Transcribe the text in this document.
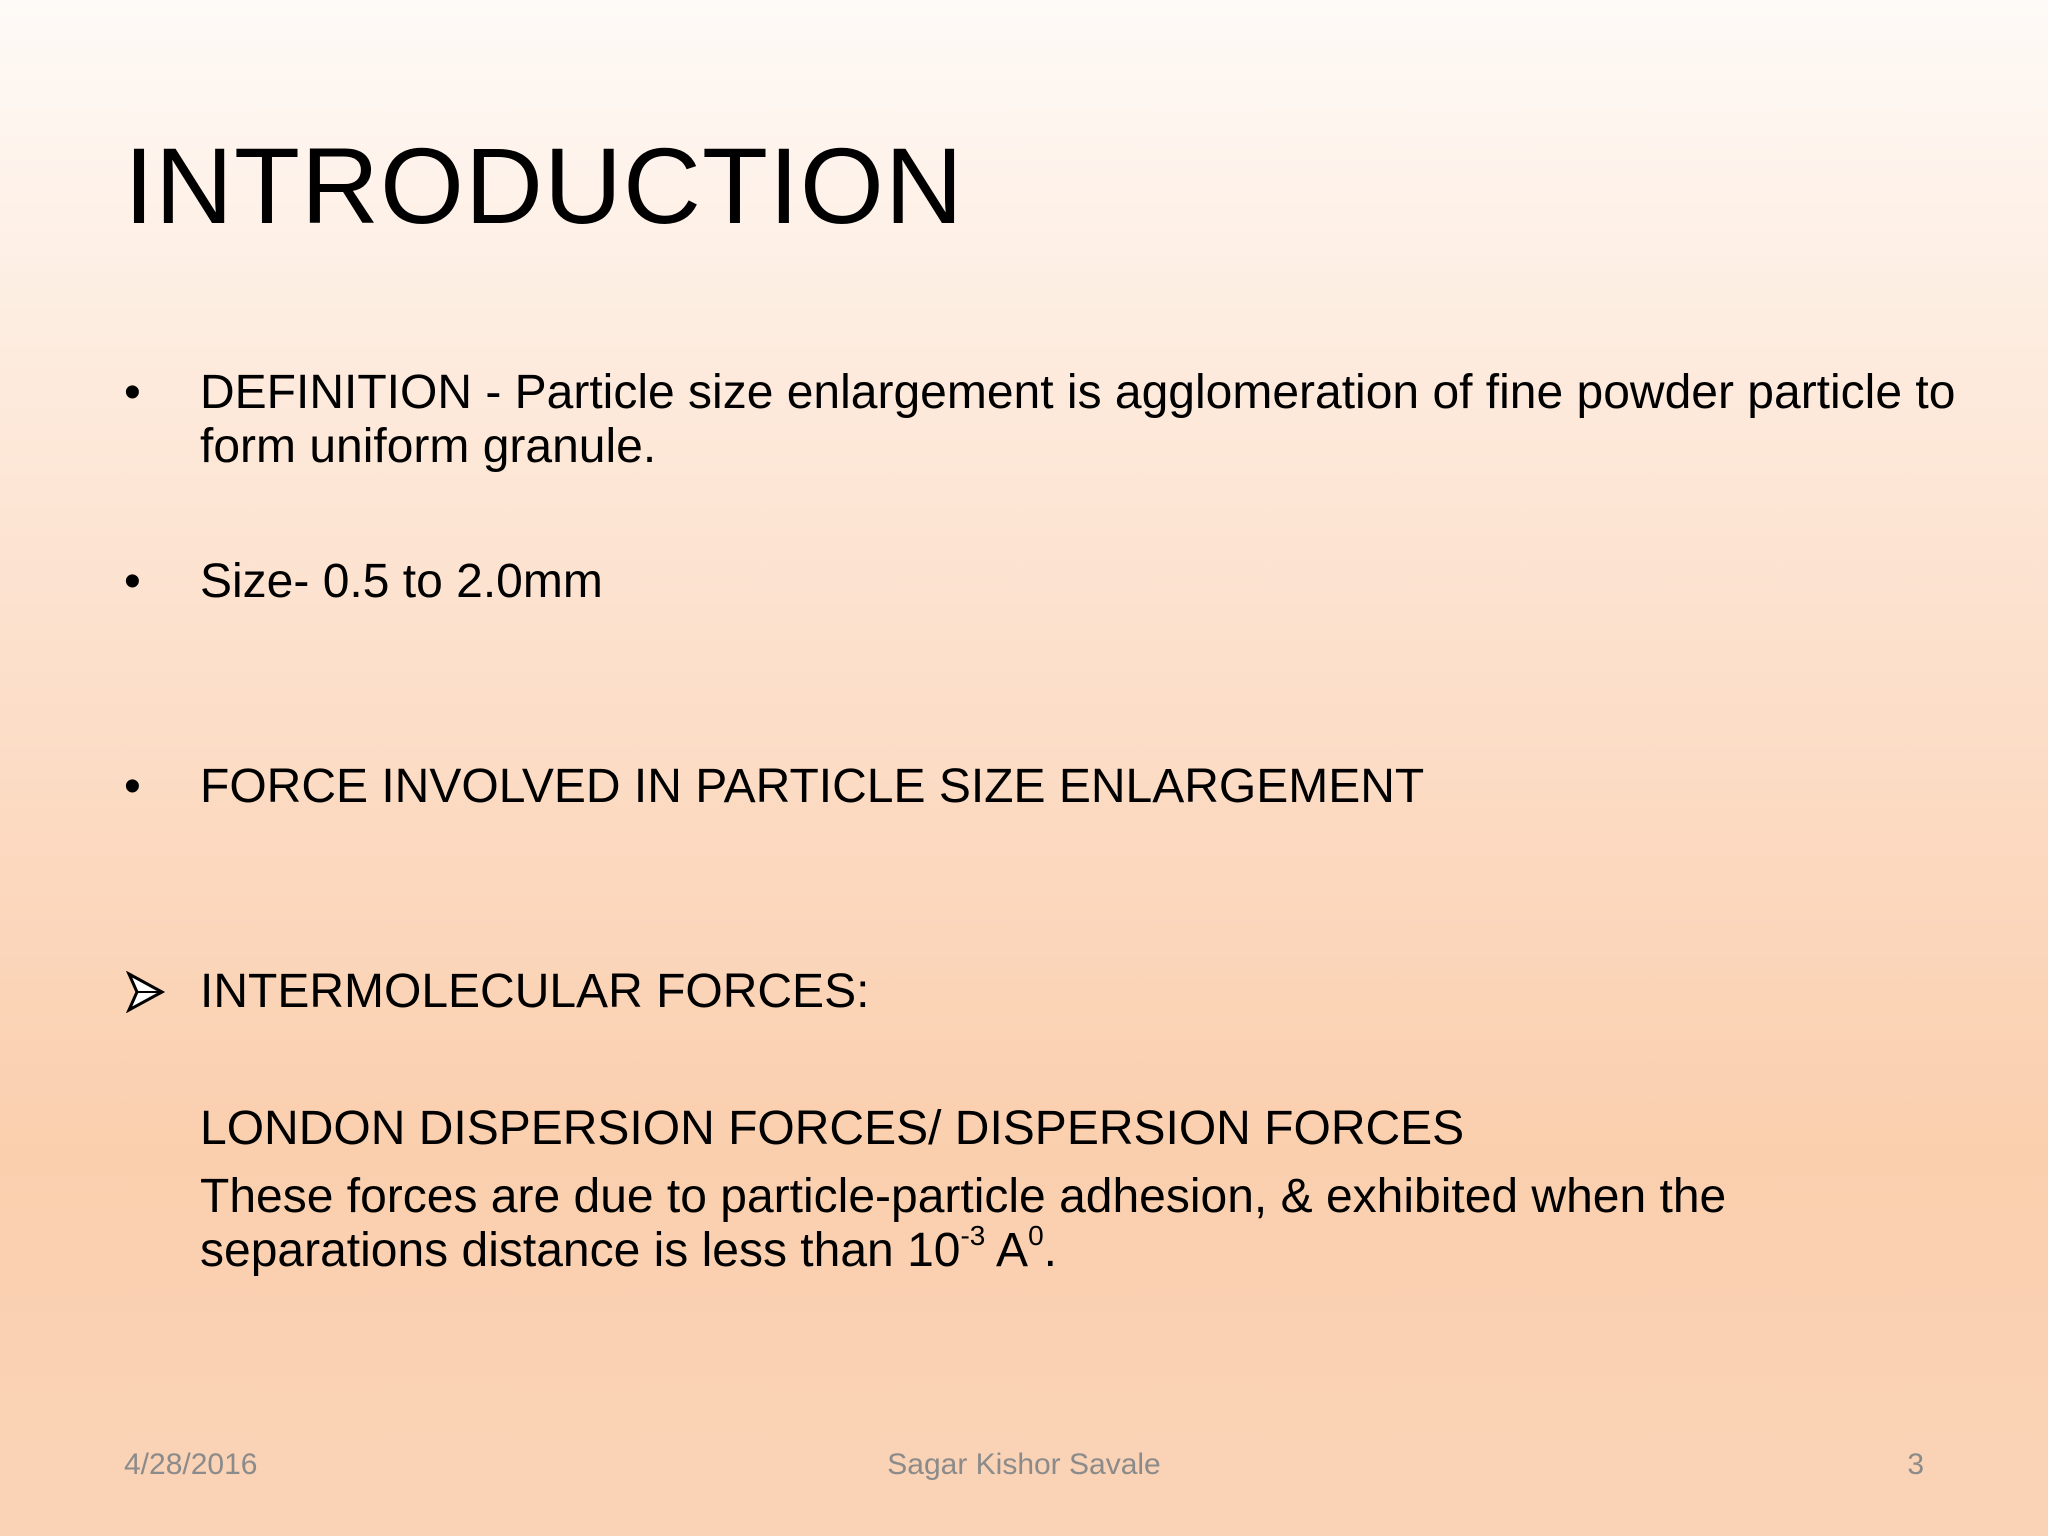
INTRODUCTION
•	DEFINITION - Particle size enlargement is agglomeration of fine powder particle to form uniform granule.
•	Size- 0.5 to 2.0mm
•	FORCE INVOLVED IN PARTICLE SIZE ENLARGEMENT
INTERMOLECULAR FORCES:
LONDON DISPERSION FORCES/ DISPERSION FORCES
These forces are due to particle-particle adhesion, & exhibited when the separations distance is less than $10^{-3}$ $A^0$.
4/28/2016	Sagar Kishor Savale	3
